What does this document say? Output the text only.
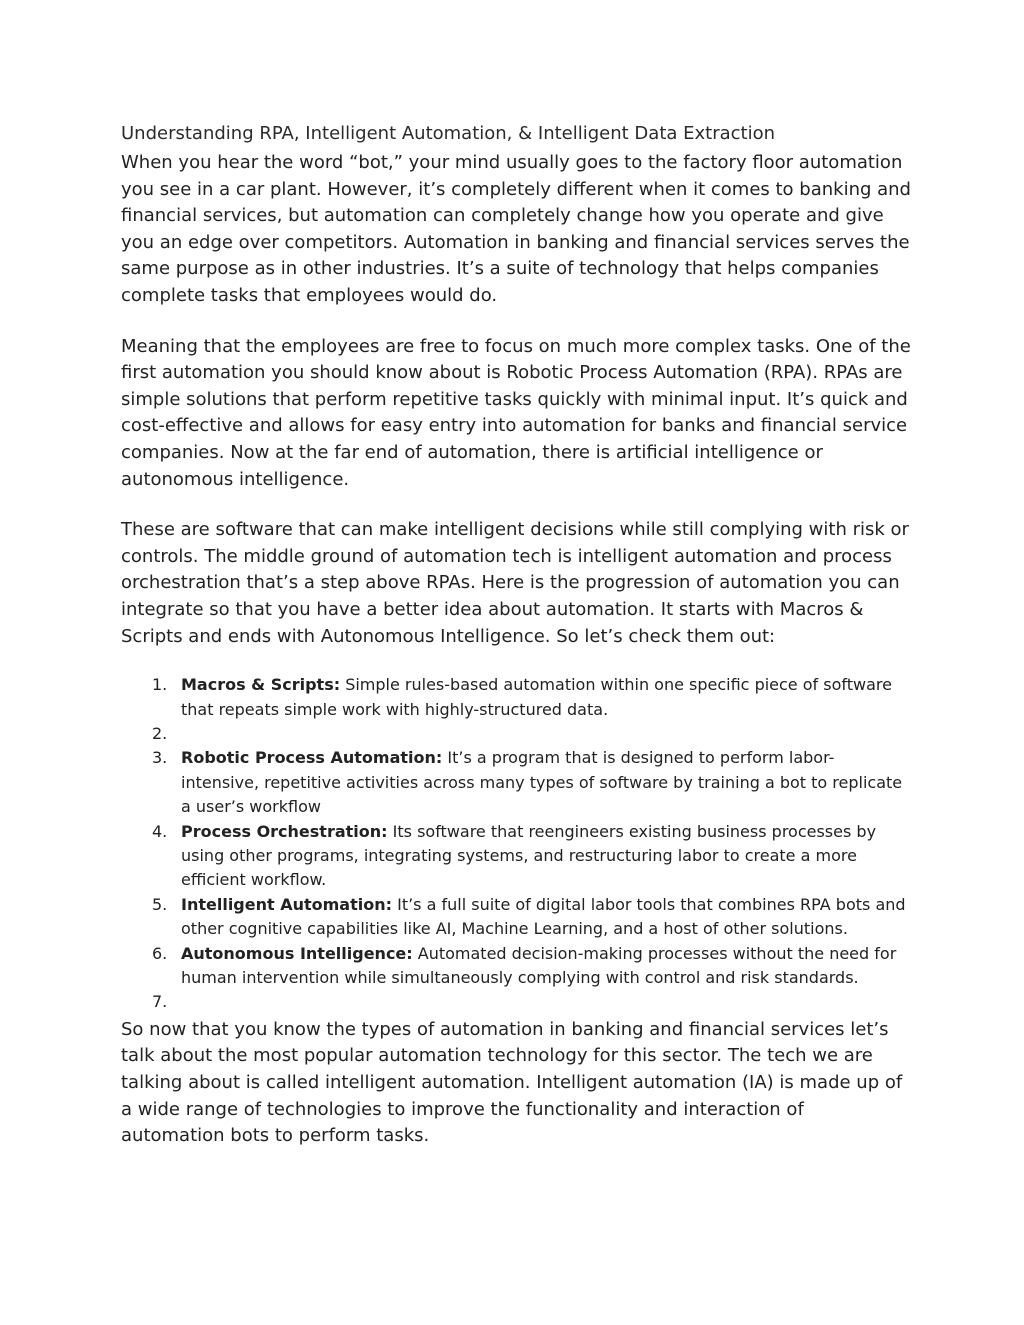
Understanding RPA, Intelligent Automation, & Intelligent Data Extraction

When you hear the word “bot,” your mind usually goes to the factory floor automation you see in a car plant. However, it’s completely different when it comes to banking and financial services, but automation can completely change how you operate and give you an edge over competitors. Automation in banking and financial services serves the same purpose as in other industries. It’s a suite of technology that helps companies complete tasks that employees would do.

Meaning that the employees are free to focus on much more complex tasks. One of the first automation you should know about is Robotic Process Automation (RPA). RPAs are simple solutions that perform repetitive tasks quickly with minimal input. It’s quick and cost-effective and allows for easy entry into automation for banks and financial service companies. Now at the far end of automation, there is artificial intelligence or autonomous intelligence.

These are software that can make intelligent decisions while still complying with risk or controls. The middle ground of automation tech is intelligent automation and process orchestration that’s a step above RPAs. Here is the progression of automation you can integrate so that you have a better idea about automation. It starts with Macros & Scripts and ends with Autonomous Intelligence. So let’s check them out:

1. Macros & Scripts: Simple rules-based automation within one specific piece of software that repeats simple work with highly-structured data.
2.
3. Robotic Process Automation: It’s a program that is designed to perform labor-intensive, repetitive activities across many types of software by training a bot to replicate a user’s workflow
4. Process Orchestration: Its software that reengineers existing business processes by using other programs, integrating systems, and restructuring labor to create a more efficient workflow.
5. Intelligent Automation: It’s a full suite of digital labor tools that combines RPA bots and other cognitive capabilities like AI, Machine Learning, and a host of other solutions.
6. Autonomous Intelligence: Automated decision-making processes without the need for human intervention while simultaneously complying with control and risk standards.
7.

So now that you know the types of automation in banking and financial services let’s talk about the most popular automation technology for this sector. The tech we are talking about is called intelligent automation. Intelligent automation (IA) is made up of a wide range of technologies to improve the functionality and interaction of automation bots to perform tasks.
